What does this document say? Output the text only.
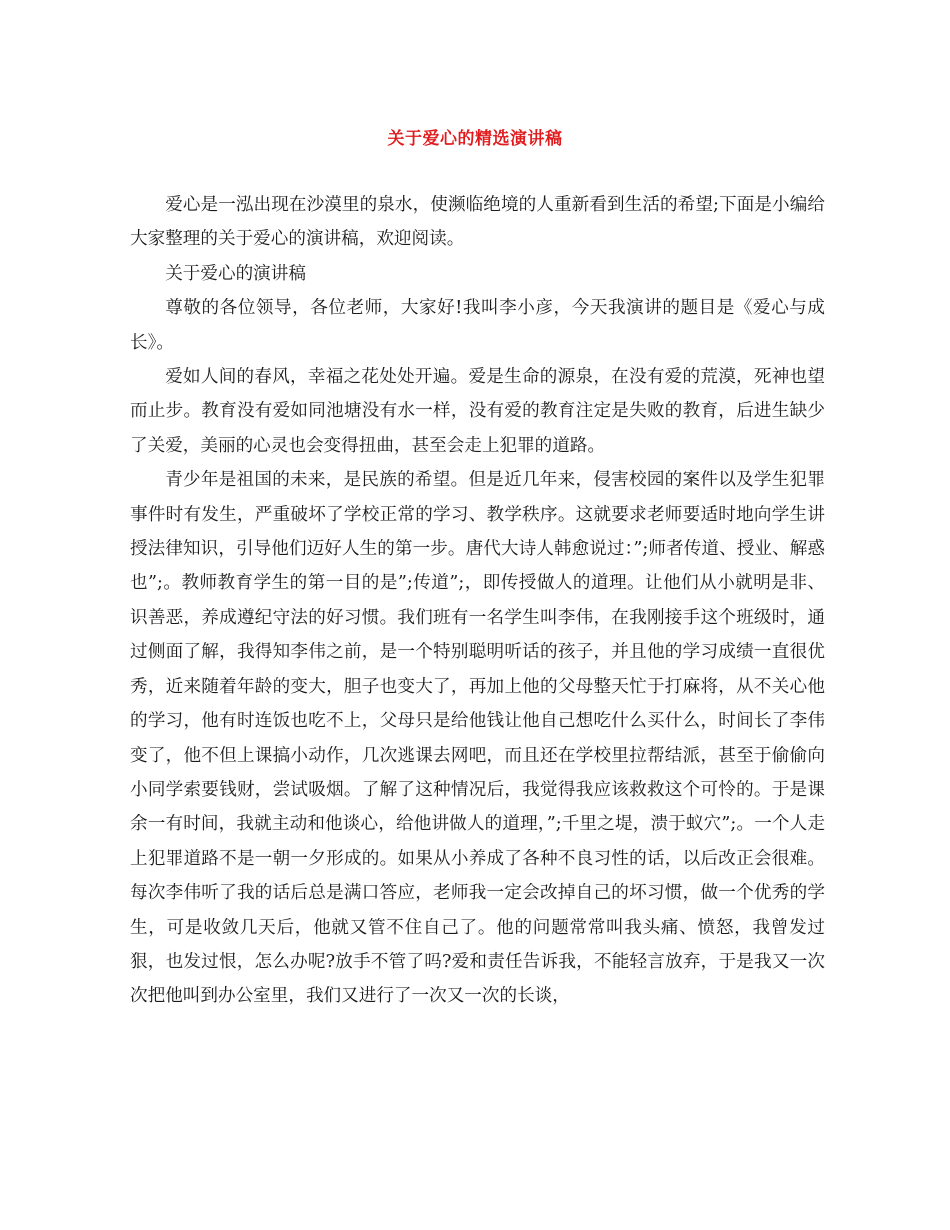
关于爱心的精选演讲稿

爱心是一泓出现在沙漠里的泉水，使濒临绝境的人重新看到生活的希望;下面是小编给大家整理的关于爱心的演讲稿，欢迎阅读。

关于爱心的演讲稿

尊敬的各位领导，各位老师，大家好!我叫李小彦，今天我演讲的题目是《爱心与成长》。

爱如人间的春风，幸福之花处处开遍。爱是生命的源泉，在没有爱的荒漠，死神也望而止步。教育没有爱如同池塘没有水一样，没有爱的教育注定是失败的教育，后进生缺少了关爱，美丽的心灵也会变得扭曲，甚至会走上犯罪的道路。

青少年是祖国的未来，是民族的希望。但是近几年来，侵害校园的案件以及学生犯罪事件时有发生，严重破坏了学校正常的学习、教学秩序。这就要求老师要适时地向学生讲授法律知识，引导他们迈好人生的第一步。唐代大诗人韩愈说过：”;师者传道、授业、解惑也”;。教师教育学生的第一目的是”;传道”;，即传授做人的道理。让他们从小就明是非、识善恶，养成遵纪守法的好习惯。我们班有一名学生叫李伟，在我刚接手这个班级时，通过侧面了解，我得知李伟之前，是一个特别聪明听话的孩子，并且他的学习成绩一直很优秀，近来随着年龄的变大，胆子也变大了，再加上他的父母整天忙于打麻将，从不关心他的学习，他有时连饭也吃不上，父母只是给他钱让他自己想吃什么买什么，时间长了李伟变了，他不但上课搞小动作，几次逃课去网吧，而且还在学校里拉帮结派，甚至于偷偷向小同学索要钱财，尝试吸烟。了解了这种情况后，我觉得我应该救救这个可怜的。于是课余一有时间，我就主动和他谈心，给他讲做人的道理，”;千里之堤，溃于蚁穴”;。一个人走上犯罪道路不是一朝一夕形成的。如果从小养成了各种不良习性的话，以后改正会很难。每次李伟听了我的话后总是满口答应，老师我一定会改掉自己的坏习惯，做一个优秀的学生，可是收敛几天后，他就又管不住自己了。他的问题常常叫我头痛、愤怒，我曾发过狠，也发过恨，怎么办呢?放手不管了吗?爱和责任告诉我，不能轻言放弃，于是我又一次次把他叫到办公室里，我们又进行了一次又一次的长谈，
